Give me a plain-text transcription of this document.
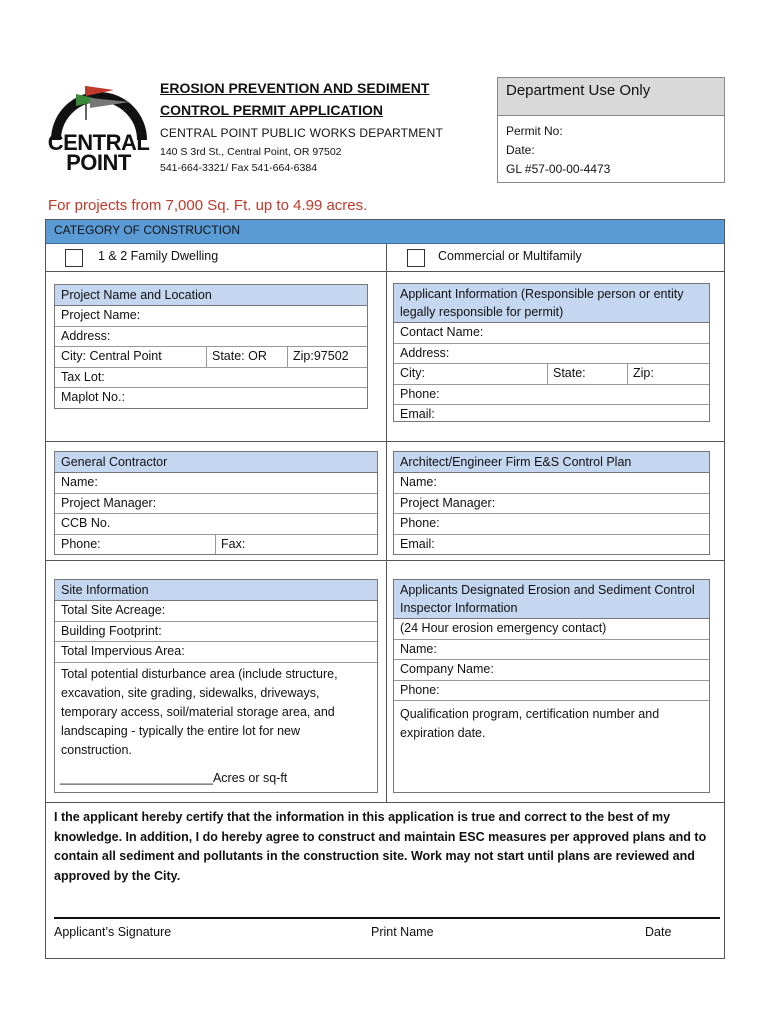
CENTRAL
POINT
EROSION PREVENTION AND SEDIMENT
CONTROL PERMIT APPLICATION
CENTRAL POINT PUBLIC WORKS DEPARTMENT
140 S 3rd St., Central Point, OR 97502
541-664-3321/ Fax 541-664-6384
Department Use Only
Permit No:
Date:
GL #57-00-00-4473
For projects from 7,000 Sq. Ft. up to 4.99 acres.
CATEGORY OF CONSTRUCTION
1 & 2 Family Dwelling	Commercial or Multifamily
Project Name and Location
Project Name:
Address:
City: Central Point	State: OR	Zip:97502
Tax Lot:
Maplot No.:
Applicant Information (Responsible person or entity legally responsible for permit)
Contact Name:
Address:
City:	State:	Zip:
Phone:
Email:
General Contractor
Name:
Project Manager:
CCB No.
Phone:	Fax:
Architect/Engineer Firm E&S Control Plan
Name:
Project Manager:
Phone:
Email:
Site Information
Total Site Acreage:
Building Footprint:
Total Impervious Area:
Total potential disturbance area (include structure, excavation, site grading, sidewalks, driveways, temporary access, soil/material storage area, and landscaping - typically the entire lot for new construction.
______________________Acres or sq-ft
Applicants Designated Erosion and Sediment Control Inspector Information
(24 Hour erosion emergency contact)
Name:
Company Name:
Phone:
Qualification program, certification number and expiration date.
I the applicant hereby certify that the information in this application is true and correct to the best of my knowledge. In addition, I do hereby agree to construct and maintain ESC measures per approved plans and to contain all sediment and pollutants in the construction site. Work may not start until plans are reviewed and approved by the City.
Applicant’s Signature	Print Name	Date
